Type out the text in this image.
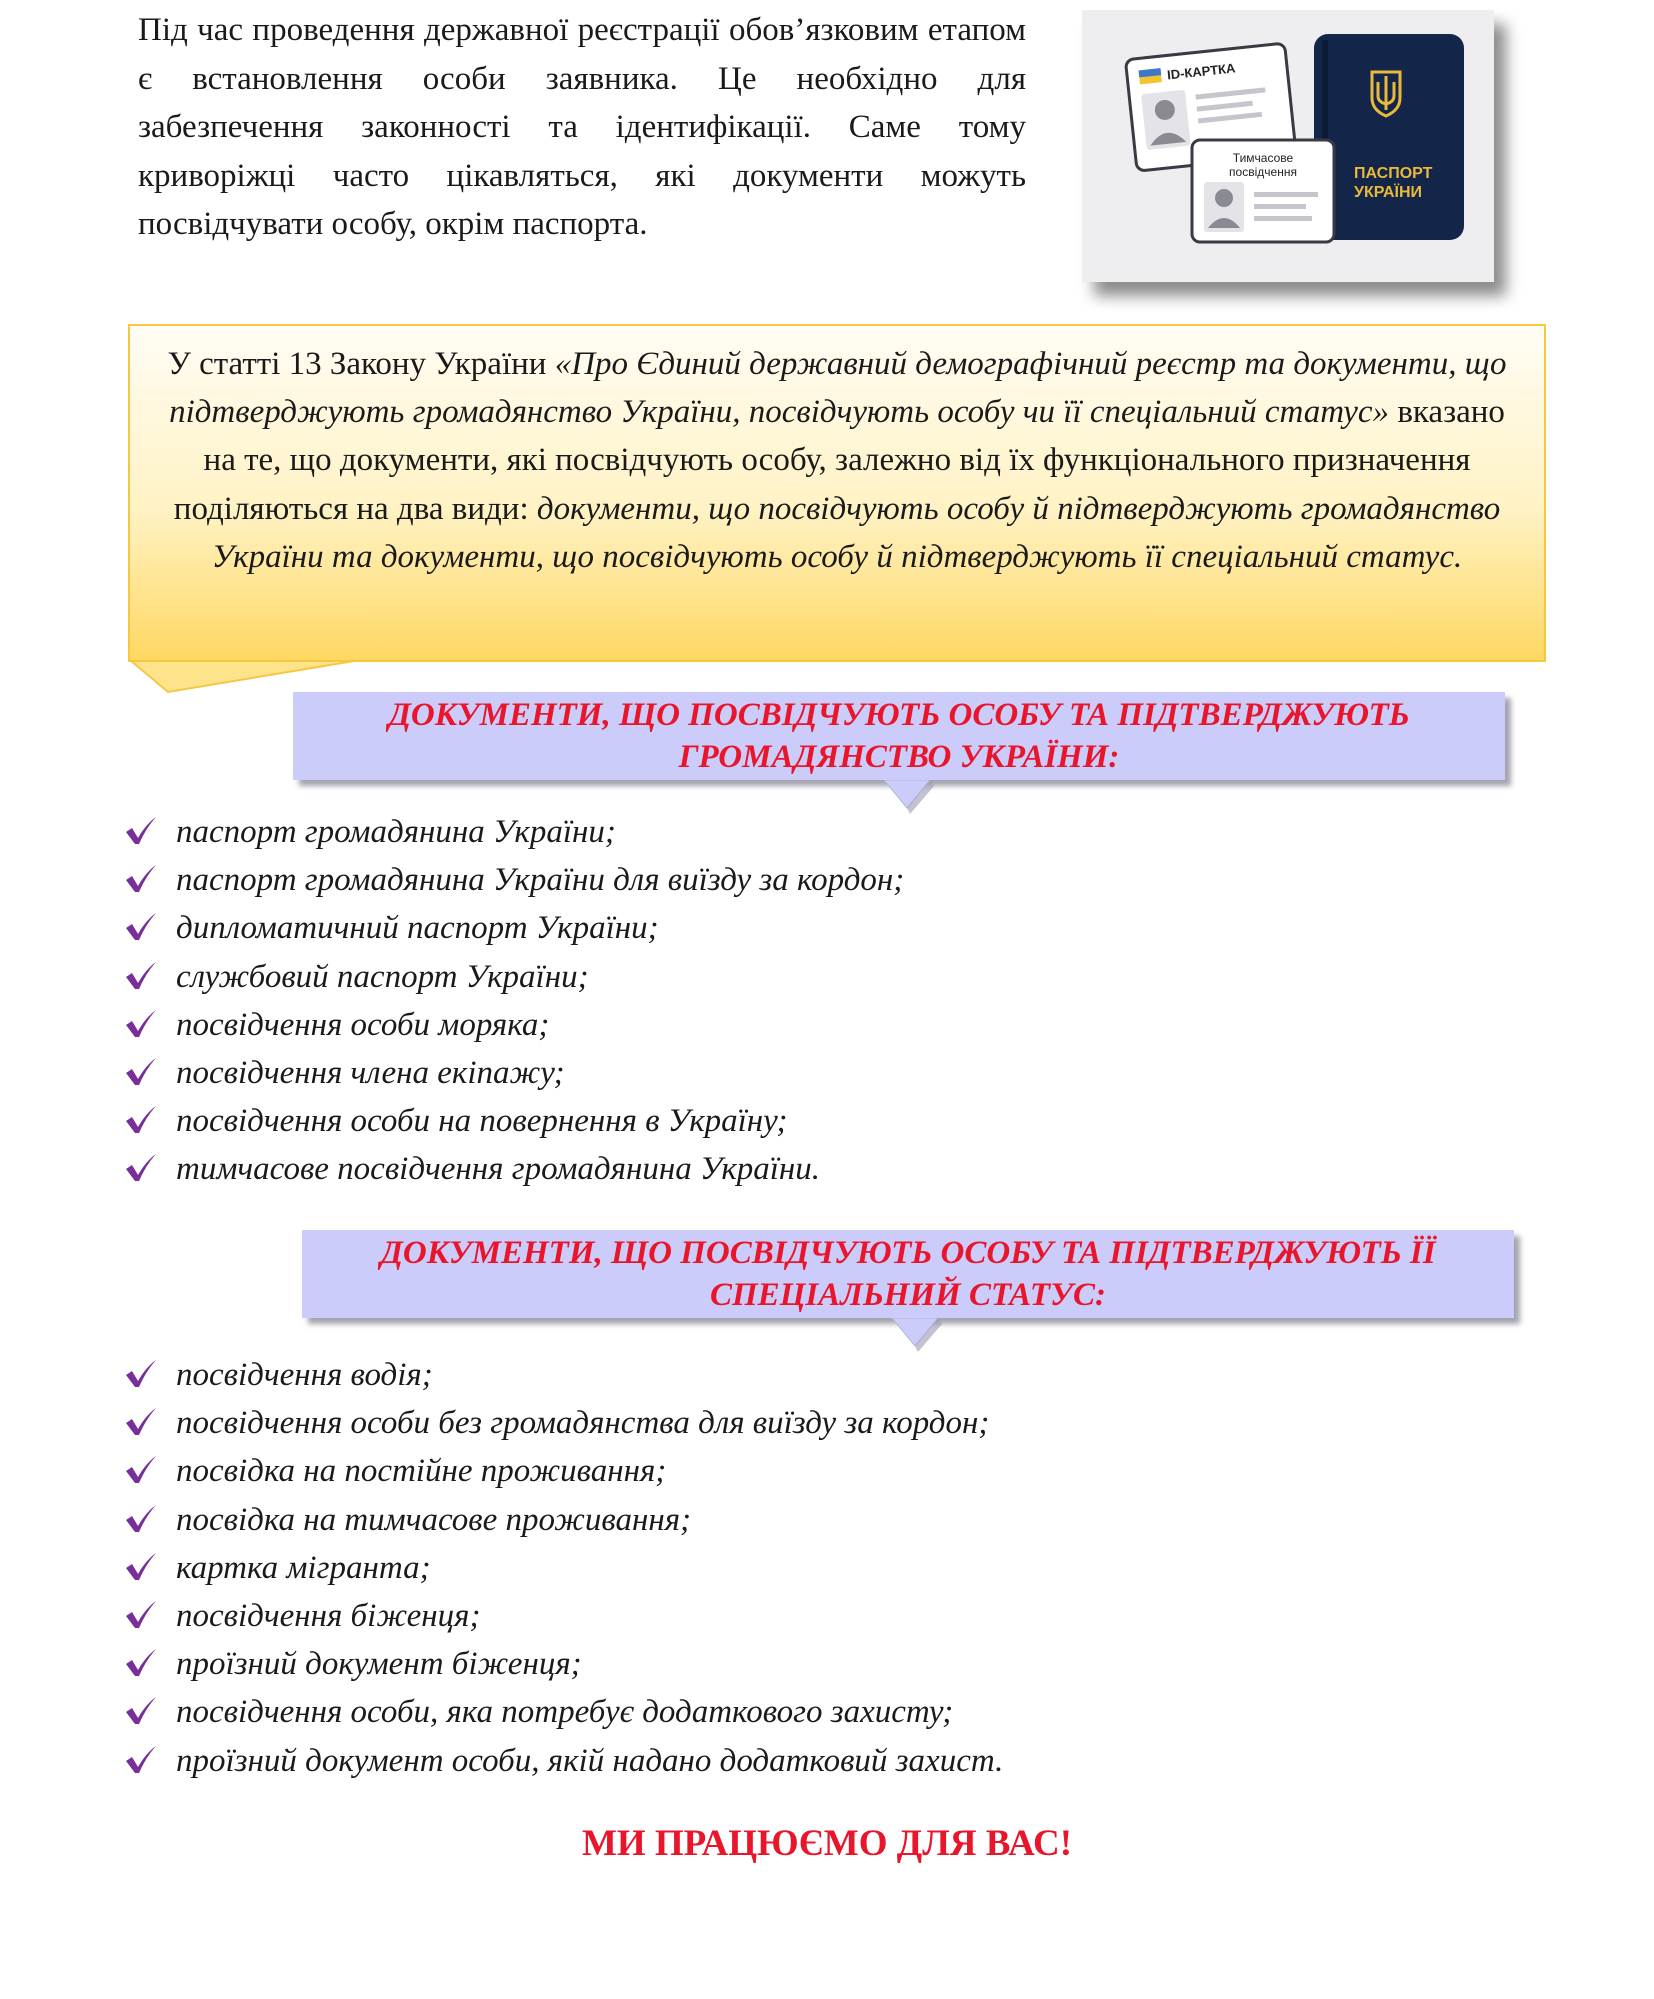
Під час проведення державної реєстрації обов’язковим етапом є встановлення особи заявника. Це необхідно для забезпечення законності та ідентифікації. Саме тому криворіжці часто цікавляться, які документи можуть посвідчувати особу, окрім паспорта.

ПАСПОРТ
УКРАЇНИ
ID-КАРТКА
Тимчасове
посвідчення

У статті 13 Закону України «Про Єдиний державний демографічний реєстр та документи, що підтверджують громадянство України, посвідчують особу чи її спеціальний статус» вказано на те, що документи, які посвідчують особу, залежно від їх функціонального призначення поділяються на два види: документи, що посвідчують особу й підтверджують громадянство України та документи, що посвідчують особу й підтверджують її спеціальний статус.

ДОКУМЕНТИ, ЩО ПОСВІДЧУЮТЬ ОСОБУ ТА ПІДТВЕРДЖУЮТЬ

ГРОМАДЯНСТВО УКРАЇНИ:

паспорт громадянина України;
паспорт громадянина України для виїзду за кордон;
дипломатичний паспорт України;
службовий паспорт України;
посвідчення особи моряка;
посвідчення члена екіпажу;
посвідчення особи на повернення в Україну;
тимчасове посвідчення громадянина України.

ДОКУМЕНТИ, ЩО ПОСВІДЧУЮТЬ ОСОБУ ТА ПІДТВЕРДЖУЮТЬ ЇЇ

СПЕЦІАЛЬНИЙ СТАТУС:

посвідчення водія;
посвідчення особи без громадянства для виїзду за кордон;
посвідка на постійне проживання;
посвідка на тимчасове проживання;
картка мігранта;
посвідчення біженця;
проїзний документ біженця;
посвідчення особи, яка потребує додаткового захисту;
проїзний документ особи, якій надано додатковий захист.

МИ ПРАЦЮЄМО ДЛЯ ВАС!
